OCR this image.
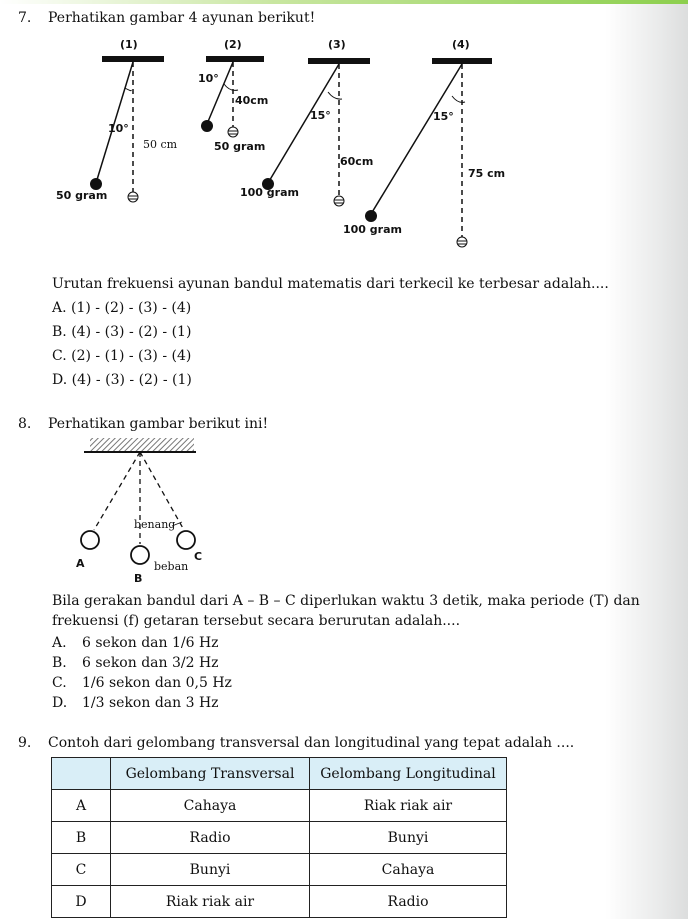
7. Perhatikan gambar 4 ayunan berikut!
(1)
10°
50 cm
50 gram
(2)
10°
40cm
50 gram
(3)
15°
60cm
100 gram
(4)
15°
75 cm
100 gram
Urutan frekuensi ayunan bandul matematis dari terkecil ke terbesar adalah....
A. (1) - (2) - (3) - (4)
B. (4) - (3) - (2) - (1)
C. (2) - (1) - (3) - (4)
D. (4) - (3) - (2) - (1)
8. Perhatikan gambar berikut ini!
benang
beban
A
B
C
Bila gerakan bandul dari A – B – C diperlukan waktu 3 detik, maka periode (T) dan
frekuensi (f) getaran tersebut secara berurutan adalah....
A. 6 sekon dan 1/6 Hz
B. 6 sekon dan 3/2 Hz
C. 1/6 sekon dan 0,5 Hz
D. 1/3 sekon dan 3 Hz
9. Contoh dari gelombang transversal dan longitudinal yang tepat adalah ....
	Gelombang Transversal	Gelombang Longitudinal
A	Cahaya	Riak riak air
B	Radio	Bunyi
C	Bunyi	Cahaya
D	Riak riak air	Radio
